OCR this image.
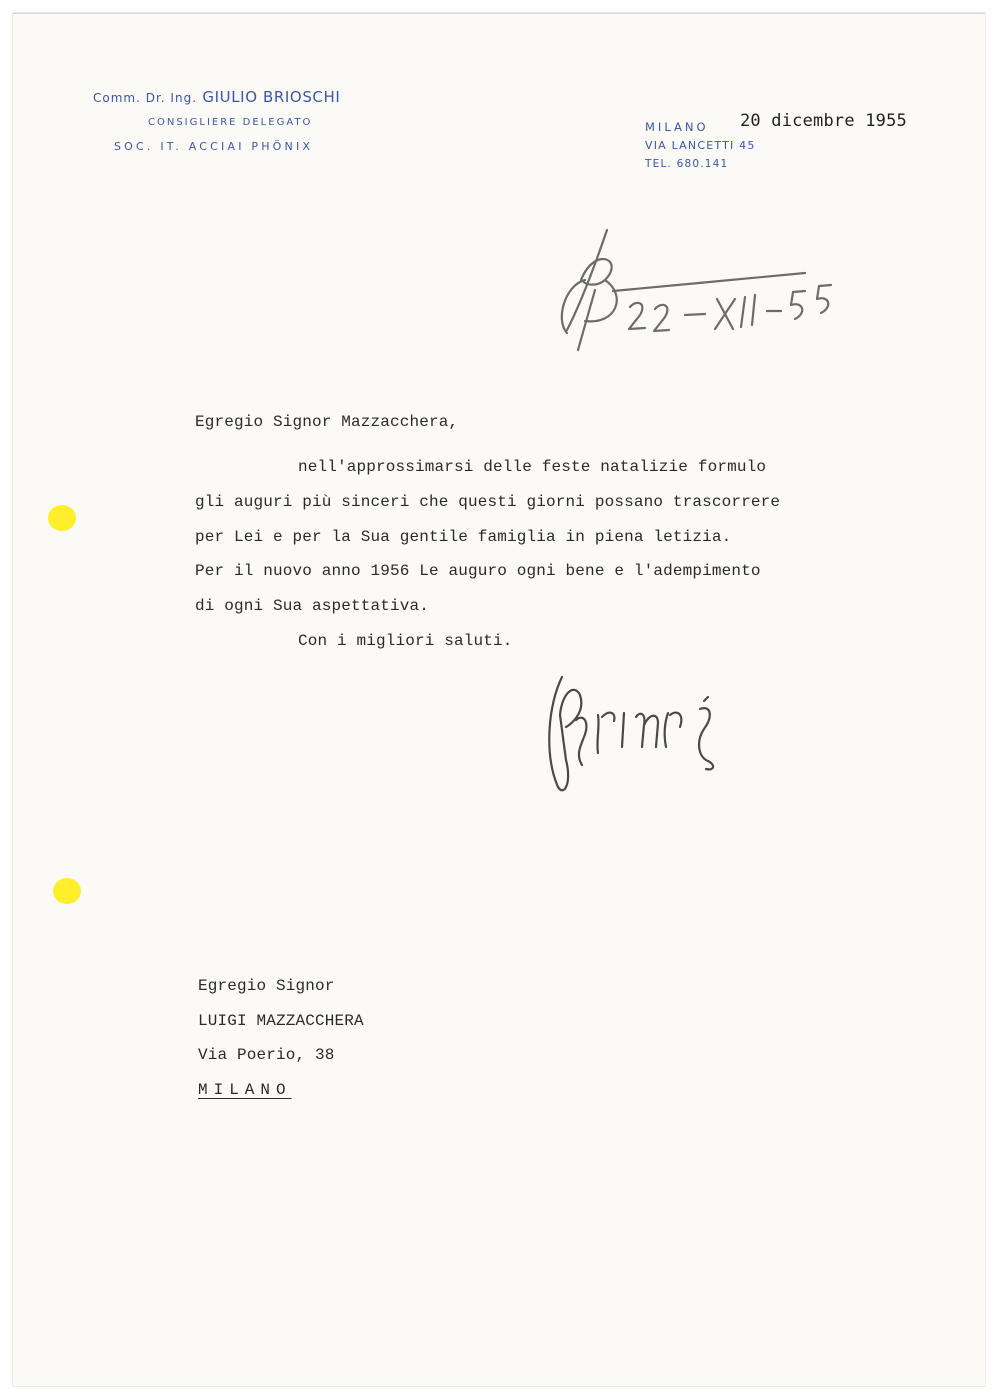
Comm. Dr. Ing. GIULIO BRIOSCHI
CONSIGLIERE DELEGATO
SOC. IT. ACCIAI PHÖNIX
MILANO
VIA LANCETTI 45
TEL. 680.141
20 dicembre 1955
Egregio Signor Mazzacchera,
nell'approssimarsi delle feste natalizie formulo
gli auguri più sinceri che questi giorni possano trascorrere
per Lei e per la Sua gentile famiglia in piena letizia.
Per il nuovo anno 1956 Le auguro ogni bene e l'adempimento
di ogni Sua aspettativa.
Con i migliori saluti.
Egregio Signor
LUIGI MAZZACCHERA
Via Poerio, 38
MILANO
